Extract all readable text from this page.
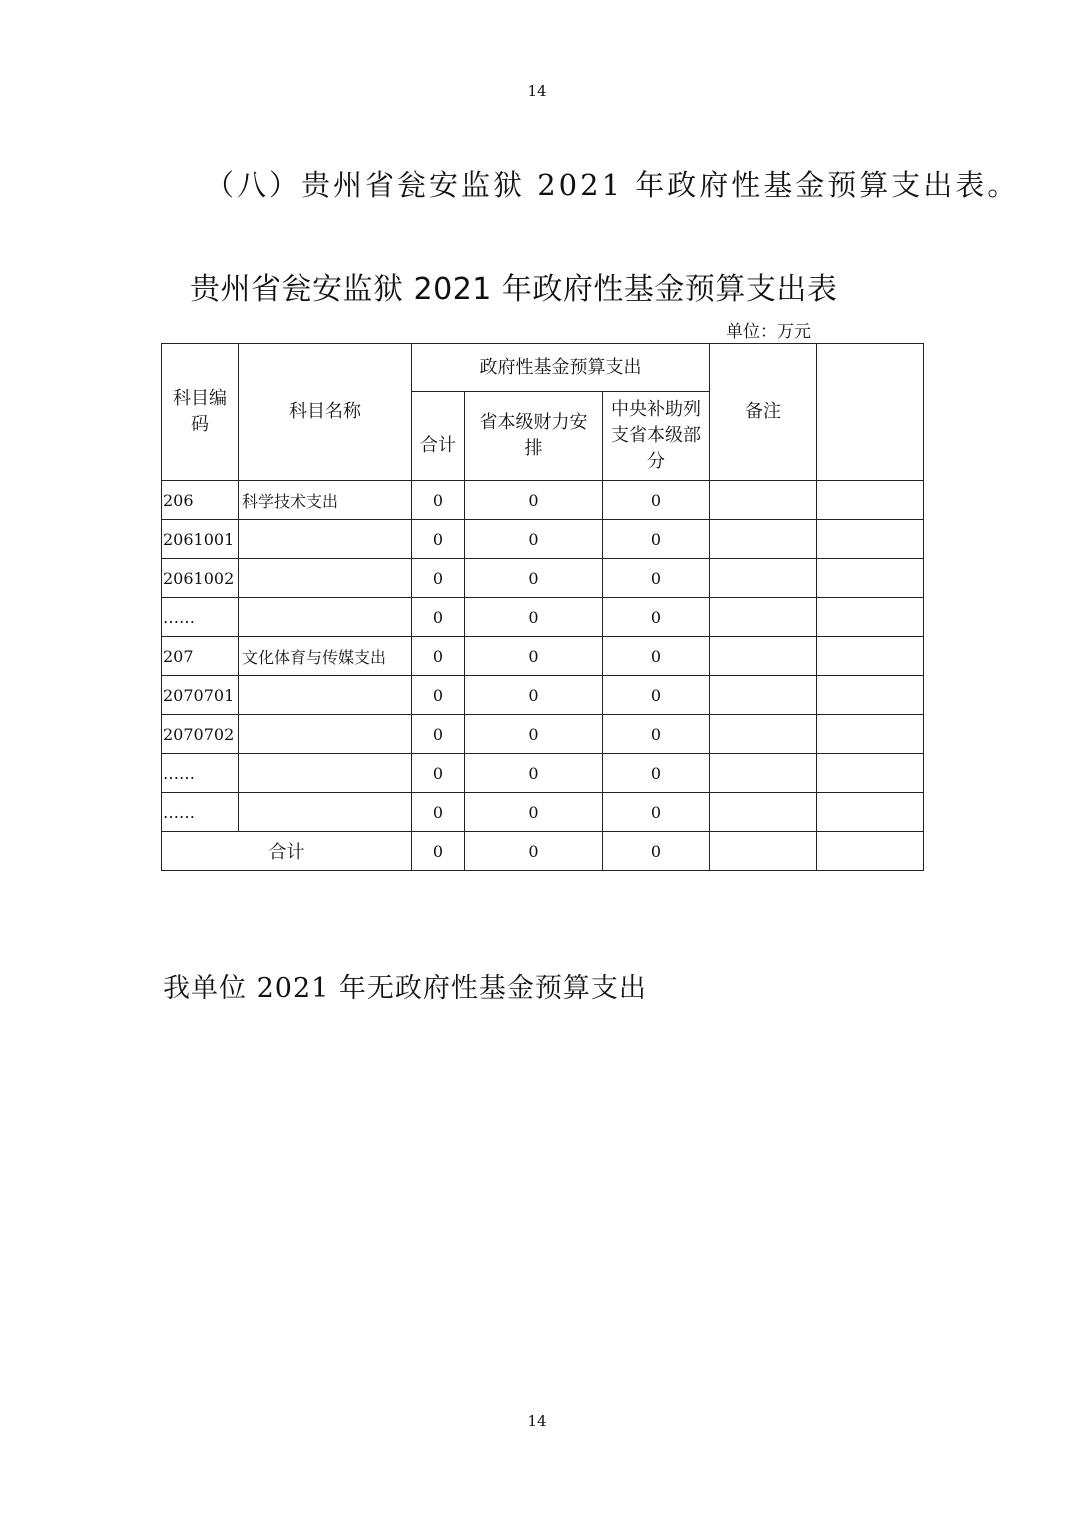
14
（八）贵州省瓮安监狱 2021 年政府性基金预算支出表。
贵州省瓮安监狱 2021 年政府性基金预算支出表
单位：万元
科目编码	科目名称	政府性基金预算支出			备注	
		合计	省本级财力安排	中央补助列支省本级部分		
206	科学技术支出	0	0	0		
2061001		0	0	0		
2061002		0	0	0		
……		0	0	0		
207	文化体育与传媒支出	0	0	0		
2070701		0	0	0		
2070702		0	0	0		
……		0	0	0		
……		0	0	0		
合计		0	0	0		
我单位 2021 年无政府性基金预算支出
14
